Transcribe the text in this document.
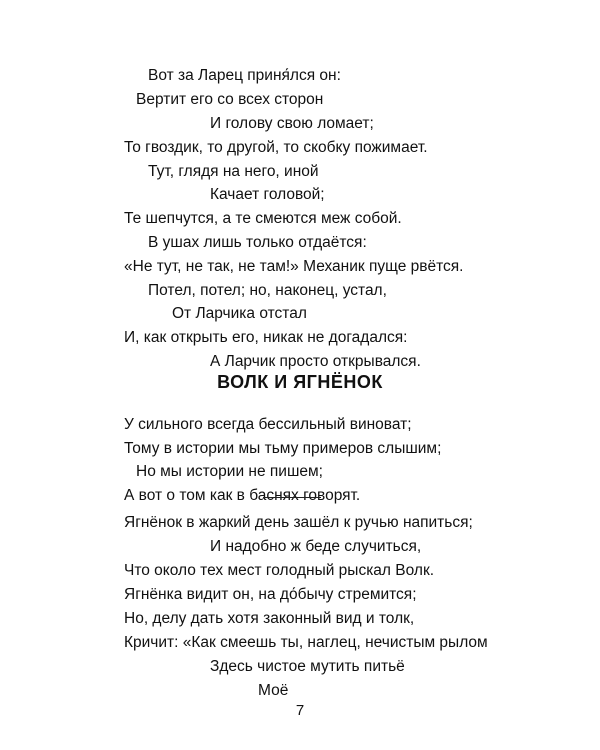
Вот за Ларец приня́лся он:
Вертит его со всех сторон
И голову свою ломает;
То гвоздик, то другой, то скобку пожимает.
Тут, глядя на него, иной
Качает головой;
Те шепчутся, а те смеются меж собой.
В ушах лишь только отдаётся:
«Не тут, не так, не там!» Механик пуще рвётся.
Потел, потел; но, наконец, устал,
От Ларчика отстал
И, как открыть его, никак не догадался:
А Ларчик просто открывался.
ВОЛК И ЯГНЁНОК
У сильного всегда бессильный виноват;
Тому в истории мы тьму примеров слышим;
Но мы истории не пишем;
А вот о том как в баснях говорят.
Ягнёнок в жаркий день зашёл к ручью напиться;
И надобно ж беде случиться,
Что около тех мест голодный рыскал Волк.
Ягнёнка видит он, на до́бычу стремится;
Но, делу дать хотя законный вид и толк,
Кричит: «Как смеешь ты, наглец, нечистым рылом
Здесь чистое мутить питьё
Моё
7
